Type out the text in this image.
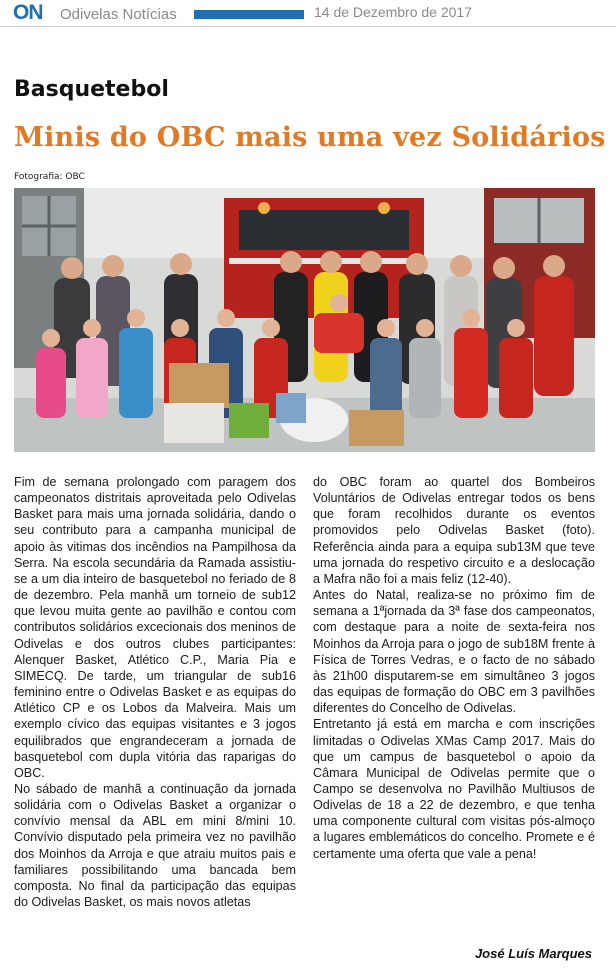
ON Odivelas Notícias	14 de Dezembro de 2017
Basquetebol
Minis do OBC mais uma vez Solidários
Fotografia: OBC

Fim de semana prolongado com paragem dos campeonatos distritais aproveitada pelo Odivelas Basket para mais uma jornada solidária, dando o seu contributo para a campanha municipal de apoio às vitimas dos incêndios na Pampilhosa da Serra. Na escola secundária da Ramada assistiu-se a um dia inteiro de basquetebol no feriado de 8 de dezembro. Pela manhã um torneio de sub12 que levou muita gente ao pavilhão e contou com contributos solidários excecionais dos meninos de Odivelas e dos outros clubes participantes: Alenquer Basket, Atlético C.P., Maria Pia e SIMECQ. De tarde, um triangular de sub16 feminino entre o Odivelas Basket e as equipas do Atlético CP e os Lobos da Malveira. Mais um exemplo cívico das equipas visitantes e 3 jogos equilibrados que engrandeceram a jornada de basquetebol com dupla vitória das raparigas do OBC.

No sábado de manhã a continuação da jornada solidária com o Odivelas Basket a organizar o convívio mensal da ABL em mini 8/mini 10. Convívio disputado pela primeira vez no pavilhão dos Moinhos da Arroja e que atraiu muitos pais e familiares possibilitando uma bancada bem composta. No final da participação das equipas do Odivelas Basket, os mais novos atletas

do OBC foram ao quartel dos Bombeiros Voluntários de Odivelas entregar todos os bens que foram recolhidos durante os eventos promovidos pelo Odivelas Basket (foto). Referência ainda para a equipa sub13M que teve uma jornada do respetivo circuito e a deslocação a Mafra não foi a mais feliz (12-40).

Antes do Natal, realiza-se no próximo fim de semana a 1ªjornada da 3ª fase dos campeonatos, com destaque para a noite de sexta-feira nos Moinhos da Arroja para o jogo de sub18M frente à Física de Torres Vedras, e o facto de no sábado às 21h00 disputarem-se em simultâneo 3 jogos das equipas de formação do OBC em 3 pavilhões diferentes do Concelho de Odivelas.

Entretanto já está em marcha e com inscrições limitadas o Odivelas XMas Camp 2017. Mais do que um campus de basquetebol o apoio da Câmara Municipal de Odivelas permite que o Campo se desenvolva no Pavilhão Multiusos de Odivelas de 18 a 22 de dezembro, e que tenha uma componente cultural com visitas pós-almoço a lugares emblemáticos do concelho. Promete e é certamente uma oferta que vale a pena!

José Luís Marques
